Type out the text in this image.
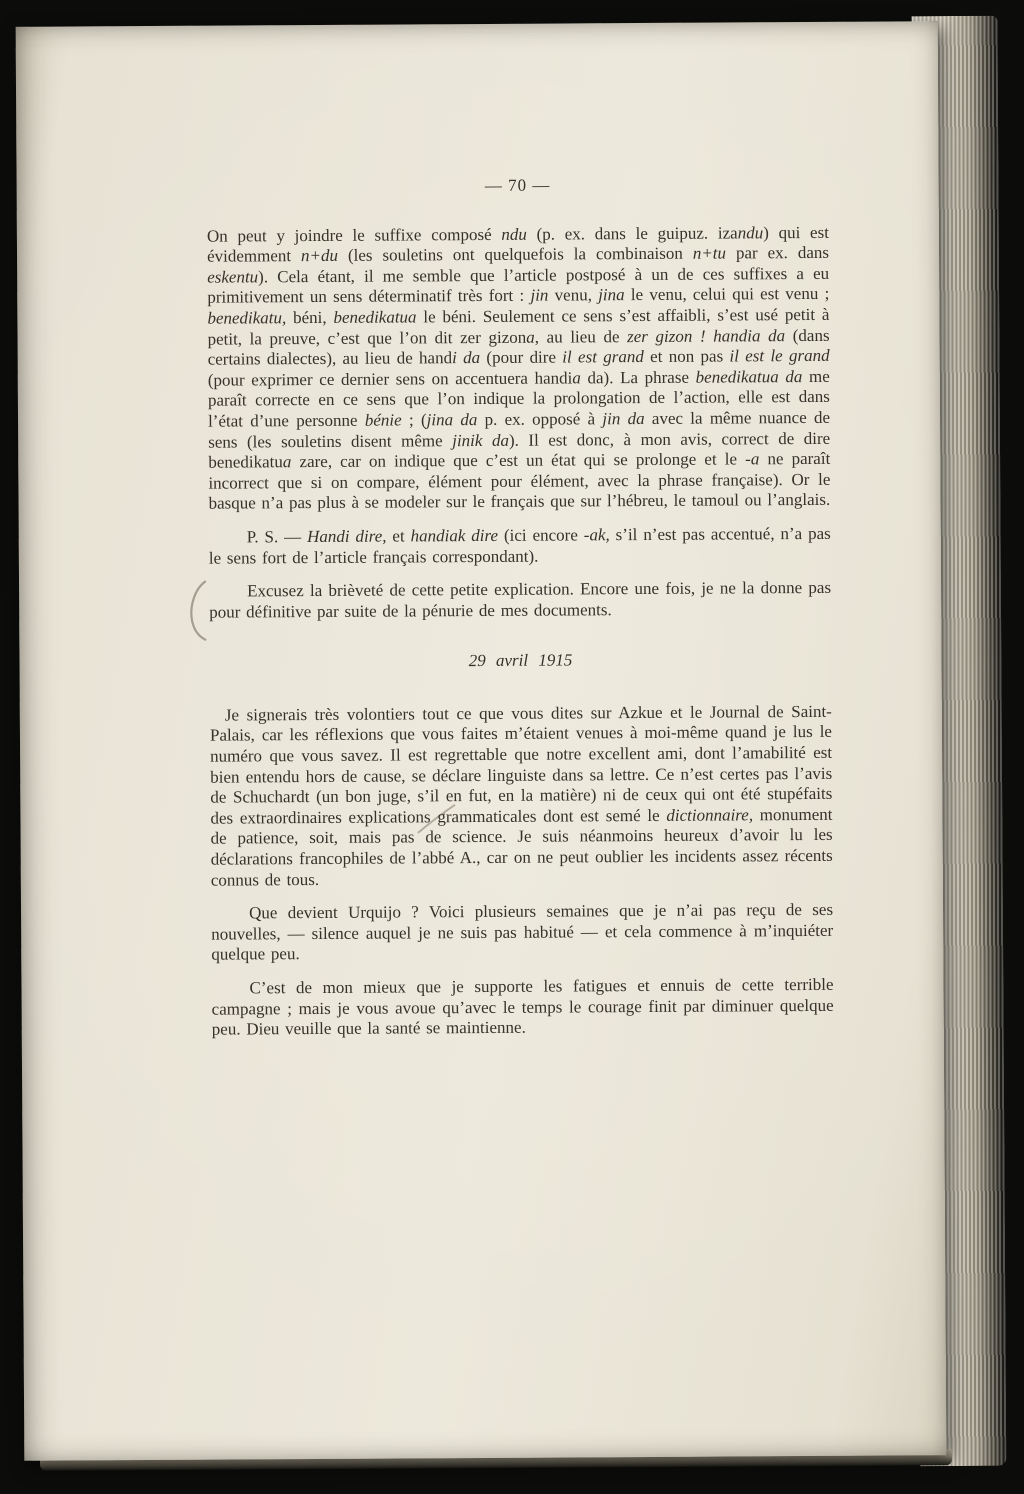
— 70 —

On peut y joindre le suffixe composé ndu (p. ex. dans le guipuz. izandu) qui est évidemment n+du (les souletins ont quelquefois la combinaison n+tu par ex. dans eskentu). Cela étant, il me semble que l’article postposé à un de ces suffixes a eu primitivement un sens déterminatif très fort : jin venu, jina le venu, celui qui est venu ; benedikatu, béni, benedikatua le béni. Seulement ce sens s’est affaibli, s’est usé petit à petit, la preuve, c’est que l’on dit zer gizona, au lieu de zer gizon ! handia da (dans certains dialectes), au lieu de handi da (pour dire il est grand et non pas il est le grand (pour exprimer ce dernier sens on accentuera handia da). La phrase benedikatua da me paraît correcte en ce sens que l’on indique la prolongation de l’action, elle est dans l’état d’une personne bénie ; (jina da p. ex. opposé à jin da avec la même nuance de sens (les souletins disent même jinik da). Il est donc, à mon avis, correct de dire benedikatua zare, car on indique que c’est un état qui se prolonge et le -a ne paraît incorrect que si on compare, élément pour élément, avec la phrase française). Or le basque n’a pas plus à se modeler sur le français que sur l’hébreu, le tamoul ou l’anglais.

P. S. — Handi dire, et handiak dire (ici encore -ak, s’il n’est pas accentué, n’a pas le sens fort de l’article français correspondant).

Excusez la brièveté de cette petite explication. Encore une fois, je ne la donne pas pour définitive par suite de la pénurie de mes documents.

29 avril 1915

Je signerais très volontiers tout ce que vous dites sur Azkue et le Journal de Saint-Palais, car les réflexions que vous faites m’étaient venues à moi-même quand je lus le numéro que vous savez. Il est regrettable que notre excellent ami, dont l’amabilité est bien entendu hors de cause, se déclare linguiste dans sa lettre. Ce n’est certes pas l’avis de Schuchardt (un bon juge, s’il en fut, en la matière) ni de ceux qui ont été stupéfaits des extraordinaires explications grammaticales dont est semé le dictionnaire, monument de patience, soit, mais pas de science. Je suis néanmoins heureux d’avoir lu les déclarations francophiles de l’abbé A., car on ne peut oublier les incidents assez récents connus de tous.

Que devient Urquijo ? Voici plusieurs semaines que je n’ai pas reçu de ses nouvelles, — silence auquel je ne suis pas habitué — et cela commence à m’inquiéter quelque peu.

C’est de mon mieux que je supporte les fatigues et ennuis de cette terrible campagne ; mais je vous avoue qu’avec le temps le courage finit par diminuer quelque peu. Dieu veuille que la santé se maintienne.
